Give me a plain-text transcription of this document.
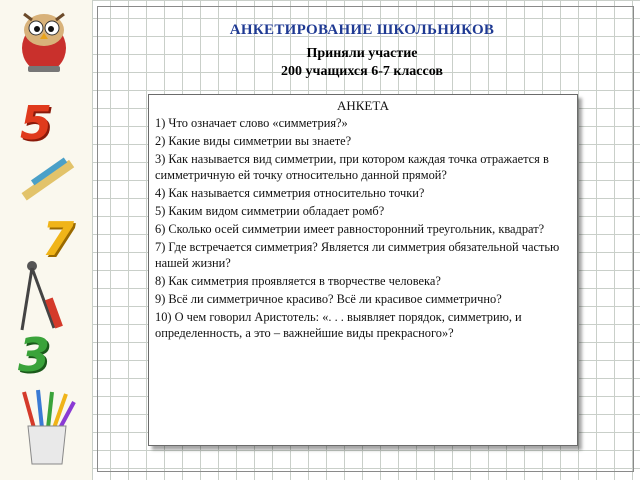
5
7
3
АНКЕТИРОВАНИЕ ШКОЛЬНИКОВ
Приняли участие
200 учащихся 6-7 классов
АНКЕТА
1) Что означает слово «симметрия?»
2) Какие виды симметрии вы знаете?
3) Как называется вид симметрии, при котором каждая точка отражается в симметричную ей точку относительно данной прямой?
4) Как называется симметрия относительно точки?
5) Каким видом симметрии обладает ромб?
6) Сколько осей симметрии имеет равносторонний треугольник, квадрат?
7) Где встречается симметрия? Является ли симметрия обязательной частью нашей жизни?
8) Как симметрия проявляется в творчестве человека?
9) Всё ли симметричное красиво? Всё ли красивое симметрично?
10) О чем говорил Аристотель: «. . . выявляет порядок, симметрию, и определенность, а это – важнейшие виды прекрасного»?
